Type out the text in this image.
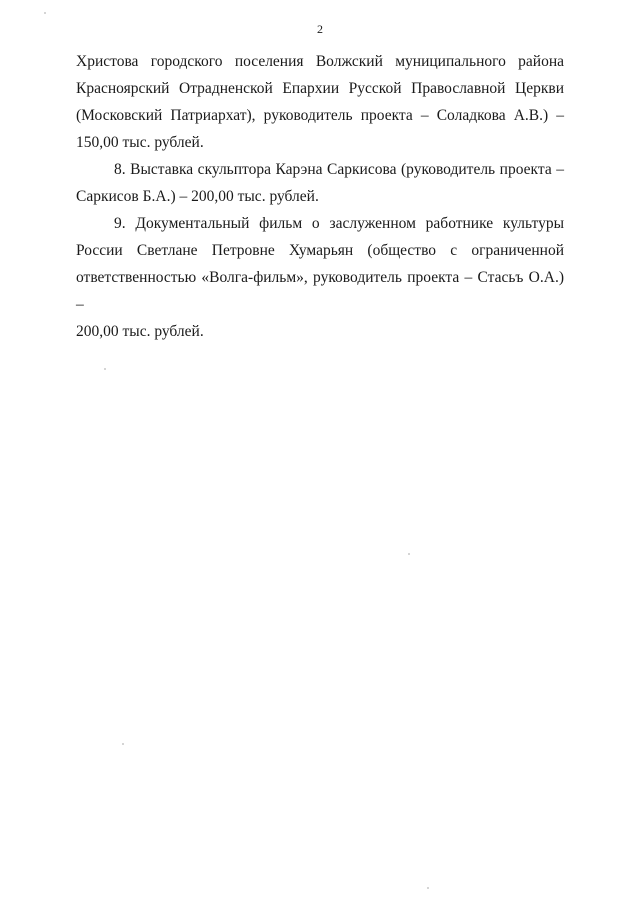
2

Христова городского поселения Волжский муниципального района
Красноярский Отрадненской Епархии Русской Православной Церкви
(Московский Патриархат), руководитель проекта – Соладкова А.В.) –
150,00 тыс. рублей.

8. Выставка скульптора Карэна Саркисова (руководитель проекта –
Саркисов Б.А.) – 200,00 тыс. рублей.

9. Документальный фильм о заслуженном работнике культуры
России Светлане Петровне Хумарьян (общество с ограниченной
ответственностью «Волга-фильм», руководитель проекта – Стасьъ О.А.) –
200,00 тыс. рублей.
